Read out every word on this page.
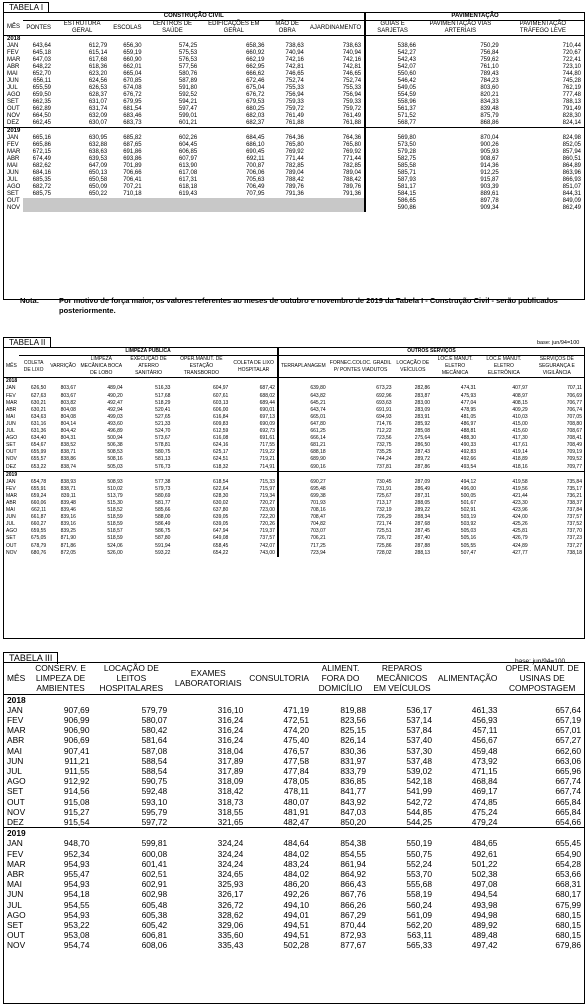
TABELA I
	CONSTRUÇÃO CIVIL							PAVIMENTAÇÃO		
MÊS	PONTES	ESTRUTURA GERAL	ESCOLAS	CENTROS DE SAÚDE	EDIFICAÇÕES EM GERAL	MÃO DE OBRA	AJARDINAMENTO	GUIAS E SARJETAS	PAVIMENTAÇÃO VIAS ARTERIAIS	PAVIMENTAÇÃO TRÁFEGO LEVE
2018										
JAN	643,64	612,79	656,30	574,25	658,36	738,63	738,63	538,66	750,29	710,44
FEV	645,18	615,14	659,19	575,53	660,92	740,94	740,94	542,27	756,84	720,67
MAR	647,03	617,68	660,90	576,53	662,19	742,16	742,16	542,43	759,62	722,41
ABR	648,22	618,36	662,01	577,56	662,95	742,81	742,81	542,07	761,10	723,10
MAI	652,70	623,20	665,04	580,76	666,62	746,65	746,65	550,60	789,43	744,80
JUN	656,11	624,56	670,85	587,89	672,46	752,74	752,74	546,42	784,23	745,28
JUL	655,59	626,53	674,08	591,80	675,04	755,33	755,33	549,05	803,60	762,19
AGO	659,50	628,37	676,72	592,52	676,72	756,94	756,94	554,59	820,21	777,48
SET	662,35	631,07	679,95	594,21	679,53	759,33	759,33	558,96	834,33	788,13
OUT	662,89	631,74	681,54	597,47	680,25	759,72	759,72	561,37	839,48	791,49
NOV	664,50	632,09	683,46	599,01	682,03	761,49	761,49	571,52	875,79	828,30
DEZ	662,45	630,07	683,73	601,21	682,37	761,88	761,88	568,77	868,86	824,14
2019										
JAN	665,16	630,95	685,82	602,26	684,45	764,36	764,36	569,80	870,04	824,98
FEV	665,86	632,88	687,65	604,45	686,10	765,80	765,80	573,50	900,26	852,05
MAR	672,15	638,63	691,86	606,85	690,45	769,92	769,92	579,28	905,93	857,94
ABR	674,49	639,53	693,86	607,97	692,11	771,44	771,44	582,75	908,67	860,51
MAI	682,62	647,09	701,89	613,90	700,87	782,85	782,85	585,58	914,36	864,89
JUN	684,16	650,13	706,66	617,08	706,06	789,04	789,04	585,71	912,25	863,96
JUL	685,35	650,58	706,41	617,31	705,63	788,42	788,42	587,93	915,87	866,93
AGO	682,72	650,09	707,21	618,18	706,49	789,76	789,76	581,17	903,39	851,07
SET	685,75	650,22	710,18	619,43	707,95	791,36	791,36	584,15	889,61	844,31
OUT								586,65	897,78	849,09
NOV								590,86	909,34	862,49
Nota:	Por motivo de força maior, os valores referentes ao meses de outubro e novembro de 2019 da Tabela I - Construção Civil - serão publicados posteriormente.
TABELA II	base: jun/94=100
	LIMPEZA PÚBLICA						OUTROS SERVIÇOS					
MÊS	COLETA DE LIXO	VARRIÇÃO	LIMPEZA MECÂNICA BOCA DE LOBO	EXECUÇÃO DE ATERRO SANITÁRIO	OPER.MANUT. DE ESTAÇÃO TRANSBORDO	COLETA DE LIXO HOSPITALAR	TERRAPLANAGEM	FORNEC.COLOC. GRADIL P/ PONTES VIADUTOS	LOCAÇÃO DE VEÍCULOS	LOC.E MANUT. ELETRO MECÂNICA	LOC.E MANUT. ELETRO ELETRÔNICA	SERVIÇOS DE SEGURANÇA E VIGILÂNCIA
2018												
JAN	626,50	803,67	489,04	516,33	604,97	687,42	639,80	673,23	282,86	474,31	407,97	707,11
FEV	627,63	803,67	490,20	517,68	607,61	688,02	643,82	692,96	283,87	475,93	408,97	706,69
MAR	630,21	803,82	492,47	518,29	603,13	689,44	645,21	693,63	283,00	477,04	408,15	706,77
ABR	630,21	804,08	492,94	520,41	606,00	690,01	643,74	691,91	283,09	478,95	409,29	706,74
MAI	634,63	804,08	499,03	527,65	616,84	697,13	665,01	694,93	283,91	481,05	410,03	707,05
JUN	631,16	804,14	493,60	521,33	609,83	690,09	647,80	714,76	285,92	486,97	415,00	708,80
JUL	631,36	804,42	496,89	524,70	612,59	692,73	661,25	712,22	285,08	488,81	415,60	708,67
AGO	634,40	804,31	500,94	573,67	616,08	691,61	666,14	723,56	275,64	488,30	417,30	708,41
SET	654,67	838,52	506,38	578,81	624,16	717,55	681,21	732,75	286,50	490,33	417,61	708,49
OUT	655,99	838,71	508,53	580,75	625,17	719,22	688,18	735,25	287,43	492,83	419,14	709,19
NOV	655,57	838,86	508,16	581,13	624,51	719,21	689,90	744,24	289,72	492,66	418,89	709,52
DEZ	653,22	838,74	505,03	576,73	618,32	714,91	690,16	737,81	287,86	493,54	418,16	709,77
2019												
JAN	654,78	838,93	508,93	577,38	618,54	715,33	690,27	730,45	287,09	494,12	419,58	735,84
FEV	655,91	838,71	510,02	579,73	622,64	715,97	695,48	731,91	286,49	496,00	419,56	735,17
MAR	659,24	839,11	513,79	580,69	628,30	719,34	699,38	725,67	287,31	500,05	421,44	736,21
ABR	660,06	839,48	515,30	581,77	630,02	720,27	701,93	713,17	288,05	501,67	423,30	738,37
MAI	662,11	839,46	518,52	585,66	637,80	723,00	708,16	732,19	289,22	502,91	423,96	737,84
JUN	661,87	839,16	518,59	588,00	639,05	722,20	708,47	726,29	288,34	503,19	424,00	737,57
JUL	660,27	839,16	518,59	586,49	639,05	720,26	704,82	721,74	287,68	503,92	425,26	737,52
AGO	659,55	839,25	518,57	586,75	647,94	719,37	703,07	725,51	287,45	505,03	425,81	737,70
SET	675,05	871,90	518,59	587,80	649,08	737,57	706,21	726,72	287,40	505,16	426,79	737,23
OUT	678,79	871,86	524,06	591,94	658,45	742,07	717,25	725,86	287,88	505,55	424,89	737,27
NOV	680,76	872,05	526,00	593,22	654,22	743,00	723,94	728,02	288,13	507,47	427,77	738,18
TABELA III	base: jun/94=100
MÊS	CONSERV. E LIMPEZA DE AMBIENTES	LOCAÇÃO DE LEITOS HOSPITALARES	EXAMES LABORATORIAIS	CONSULTORIA	ALIMENT. FORA DO DOMICÍLIO	REPAROS MECÂNICOS EM VEÍCULOS	ALIMENTAÇÃO	OPER. MANUT. DE USINAS DE COMPOSTAGEM
2018								
JAN	907,69	579,79	316,10	471,19	819,88	536,17	461,33	657,64
FEV	906,99	580,07	316,24	472,51	823,56	537,14	456,93	657,19
MAR	906,90	580,42	316,24	474,20	825,15	537,84	457,11	657,01
ABR	906,69	581,64	316,24	475,40	826,14	537,40	456,67	657,27
MAI	907,41	587,08	318,04	476,57	830,36	537,30	459,48	662,60
JUN	911,21	588,54	317,89	477,58	831,97	537,48	473,92	663,06
JUL	911,55	588,54	317,89	477,84	833,79	539,02	471,15	665,96
AGO	912,92	590,75	318,09	478,05	836,85	542,18	468,84	667,74
SET	914,56	592,48	318,42	478,11	841,77	541,99	469,17	667,74
OUT	915,08	593,10	318,73	480,07	843,92	542,72	474,85	665,84
NOV	915,27	595,79	318,55	481,91	847,03	544,85	475,24	665,84
DEZ	915,54	597,72	321,65	482,47	850,20	544,25	479,24	654,66
2019								
JAN	948,70	599,81	324,24	484,64	854,38	550,19	484,65	655,45
FEV	952,34	600,08	324,24	484,02	854,55	550,75	492,61	654,90
MAR	954,93	601,41	324,24	483,24	861,94	552,24	501,22	654,28
ABR	955,47	602,51	324,65	484,02	864,92	553,70	502,38	653,66
MAI	954,93	602,91	325,93	486,20	866,43	555,68	497,08	668,31
JUN	954,18	602,98	326,17	492,26	867,76	558,19	494,54	680,17
JUL	954,55	605,48	326,72	494,10	866,26	560,24	493,98	675,99
AGO	954,93	605,38	328,62	494,01	867,29	561,09	494,98	680,15
SET	953,22	605,42	329,06	494,51	870,44	562,20	489,92	680,15
OUT	953,08	606,81	335,60	494,51	872,93	563,11	489,48	680,15
NOV	954,74	608,06	335,43	502,28	877,67	565,33	497,42	679,86
